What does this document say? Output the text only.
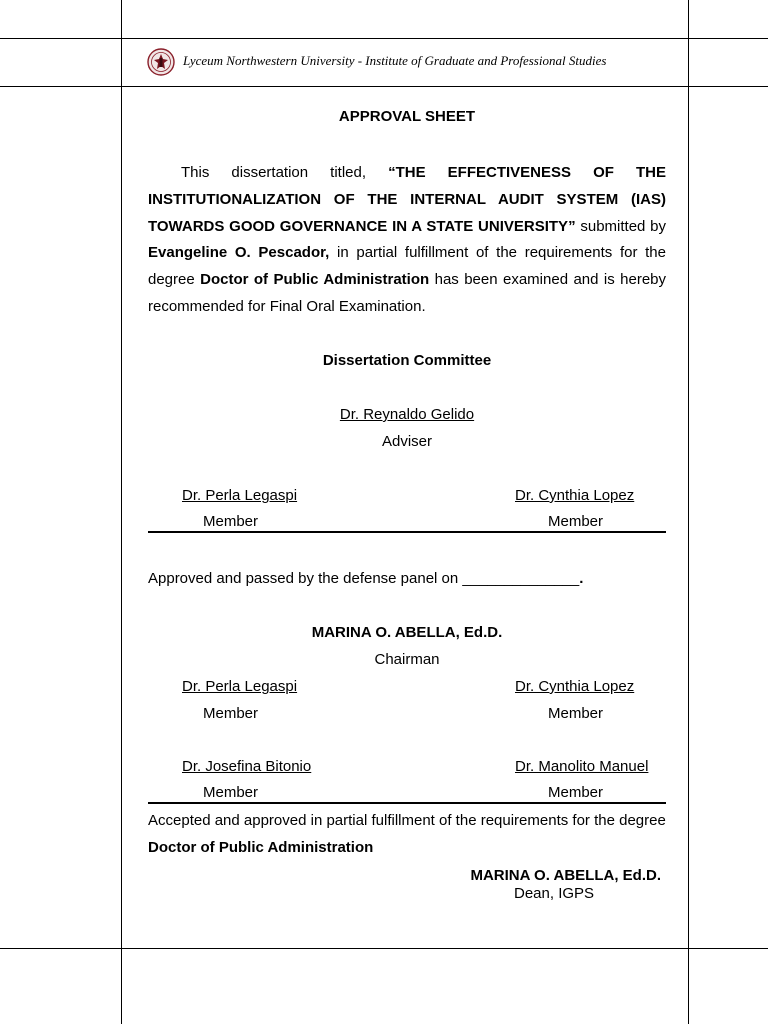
Lyceum Northwestern University - Institute of Graduate and Professional Studies
APPROVAL SHEET
This dissertation titled, “THE EFFECTIVENESS OF THE INSTITUTIONALIZATION OF THE INTERNAL AUDIT SYSTEM (IAS) TOWARDS GOOD GOVERNANCE IN A STATE UNIVERSITY” submitted by Evangeline O. Pescador, in partial fulfillment of the requirements for the degree Doctor of Public Administration has been examined and is hereby recommended for Final Oral Examination.
Dissertation Committee
Dr. Reynaldo Gelido
Adviser
Dr. Perla Legaspi
Member
Dr. Cynthia Lopez
Member
Approved and passed by the defense panel on ______________.
MARINA O. ABELLA, Ed.D.
Chairman
Dr. Perla Legaspi
Member
Dr. Cynthia Lopez
Member
Dr. Josefina Bitonio
Member
Dr. Manolito Manuel
Member
Accepted and approved in partial fulfillment of the requirements for the degree Doctor of Public Administration
MARINA O. ABELLA, Ed.D.
Dean, IGPS
